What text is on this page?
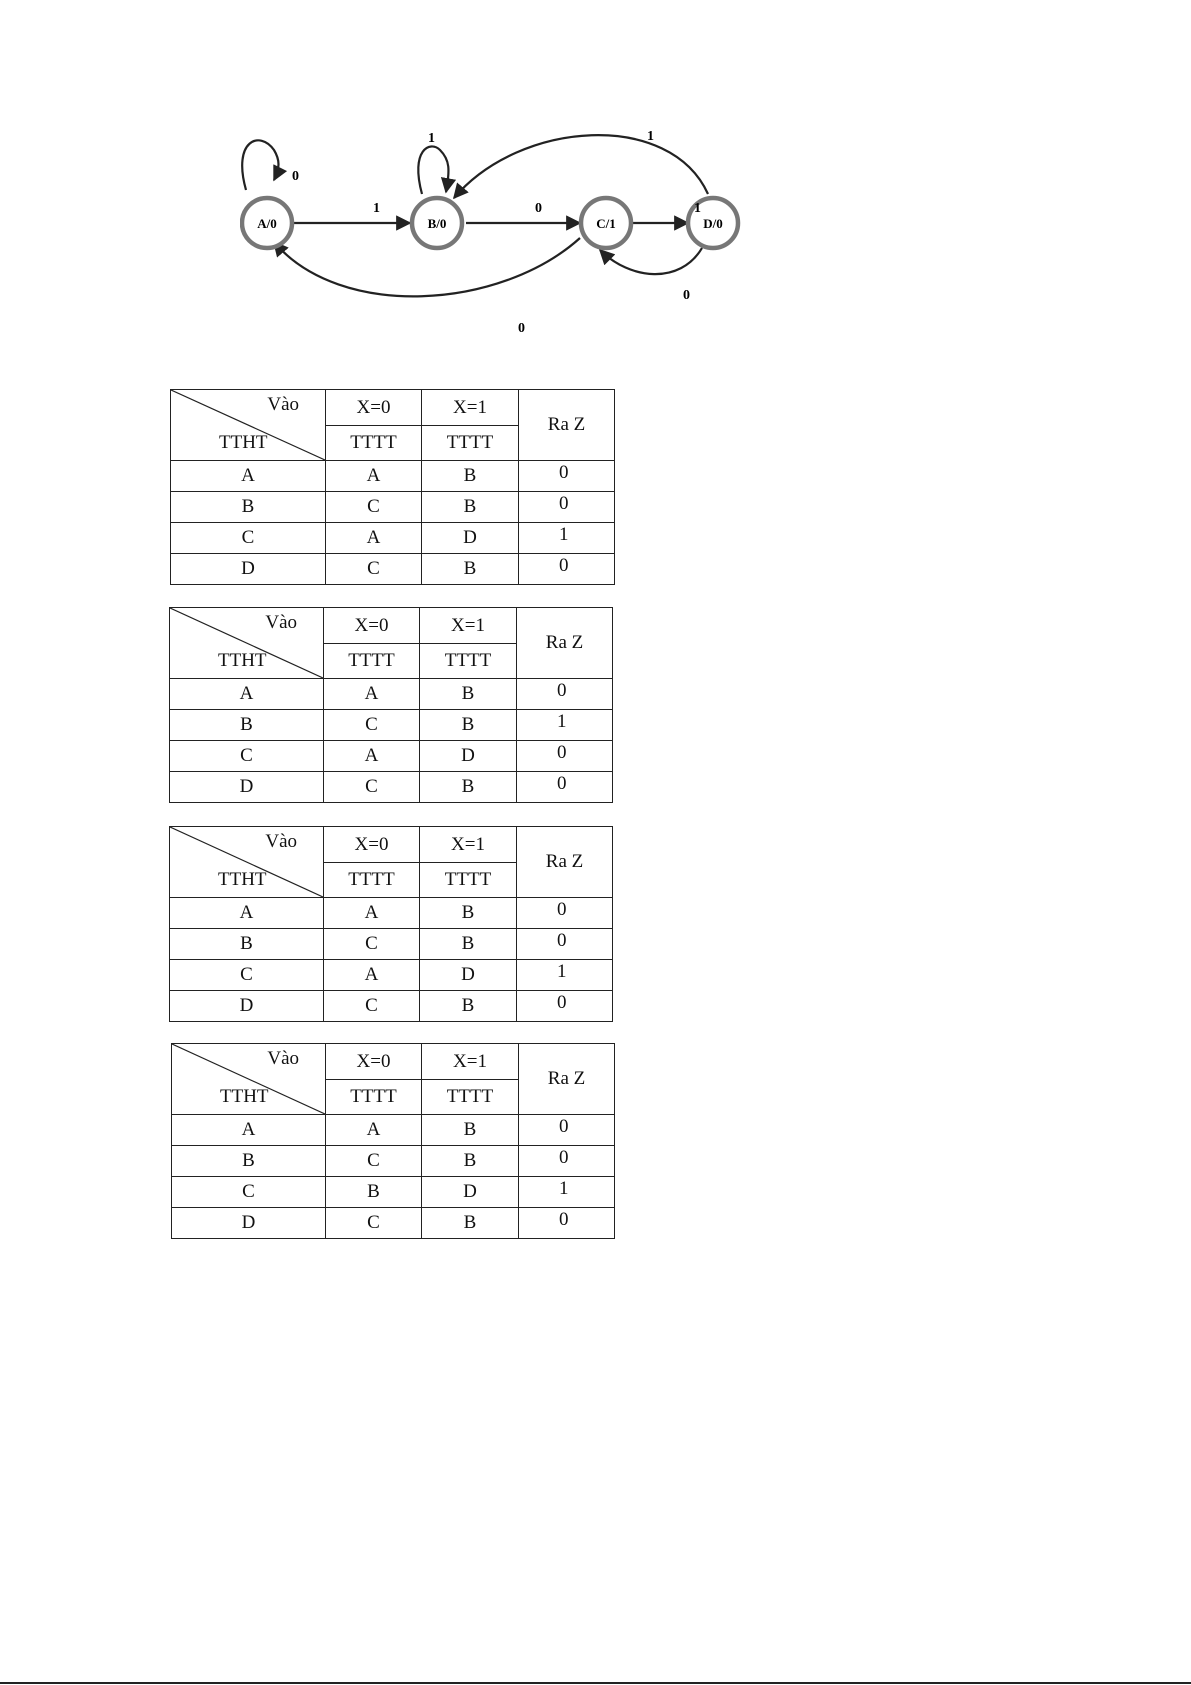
A/0	B/0	C/1	D/0
0
1
1
0	1
1
0
0
Vào
TTHT	X=0	X=1	Ra Z
	TTTT	TTTT	
A	A	B	0
B	C	B	0
C	A	D	1
D	C	B	0
Vào
TTHT	X=0	X=1	Ra Z
	TTTT	TTTT	
A	A	B	0
B	C	B	1
C	A	D	0
D	C	B	0
Vào
TTHT	X=0	X=1	Ra Z
	TTTT	TTTT	
A	A	B	0
B	C	B	0
C	A	D	1
D	C	B	0
Vào
TTHT	X=0	X=1	Ra Z
	TTTT	TTTT	
A	A	B	0
B	C	B	0
C	B	D	1
D	C	B	0
